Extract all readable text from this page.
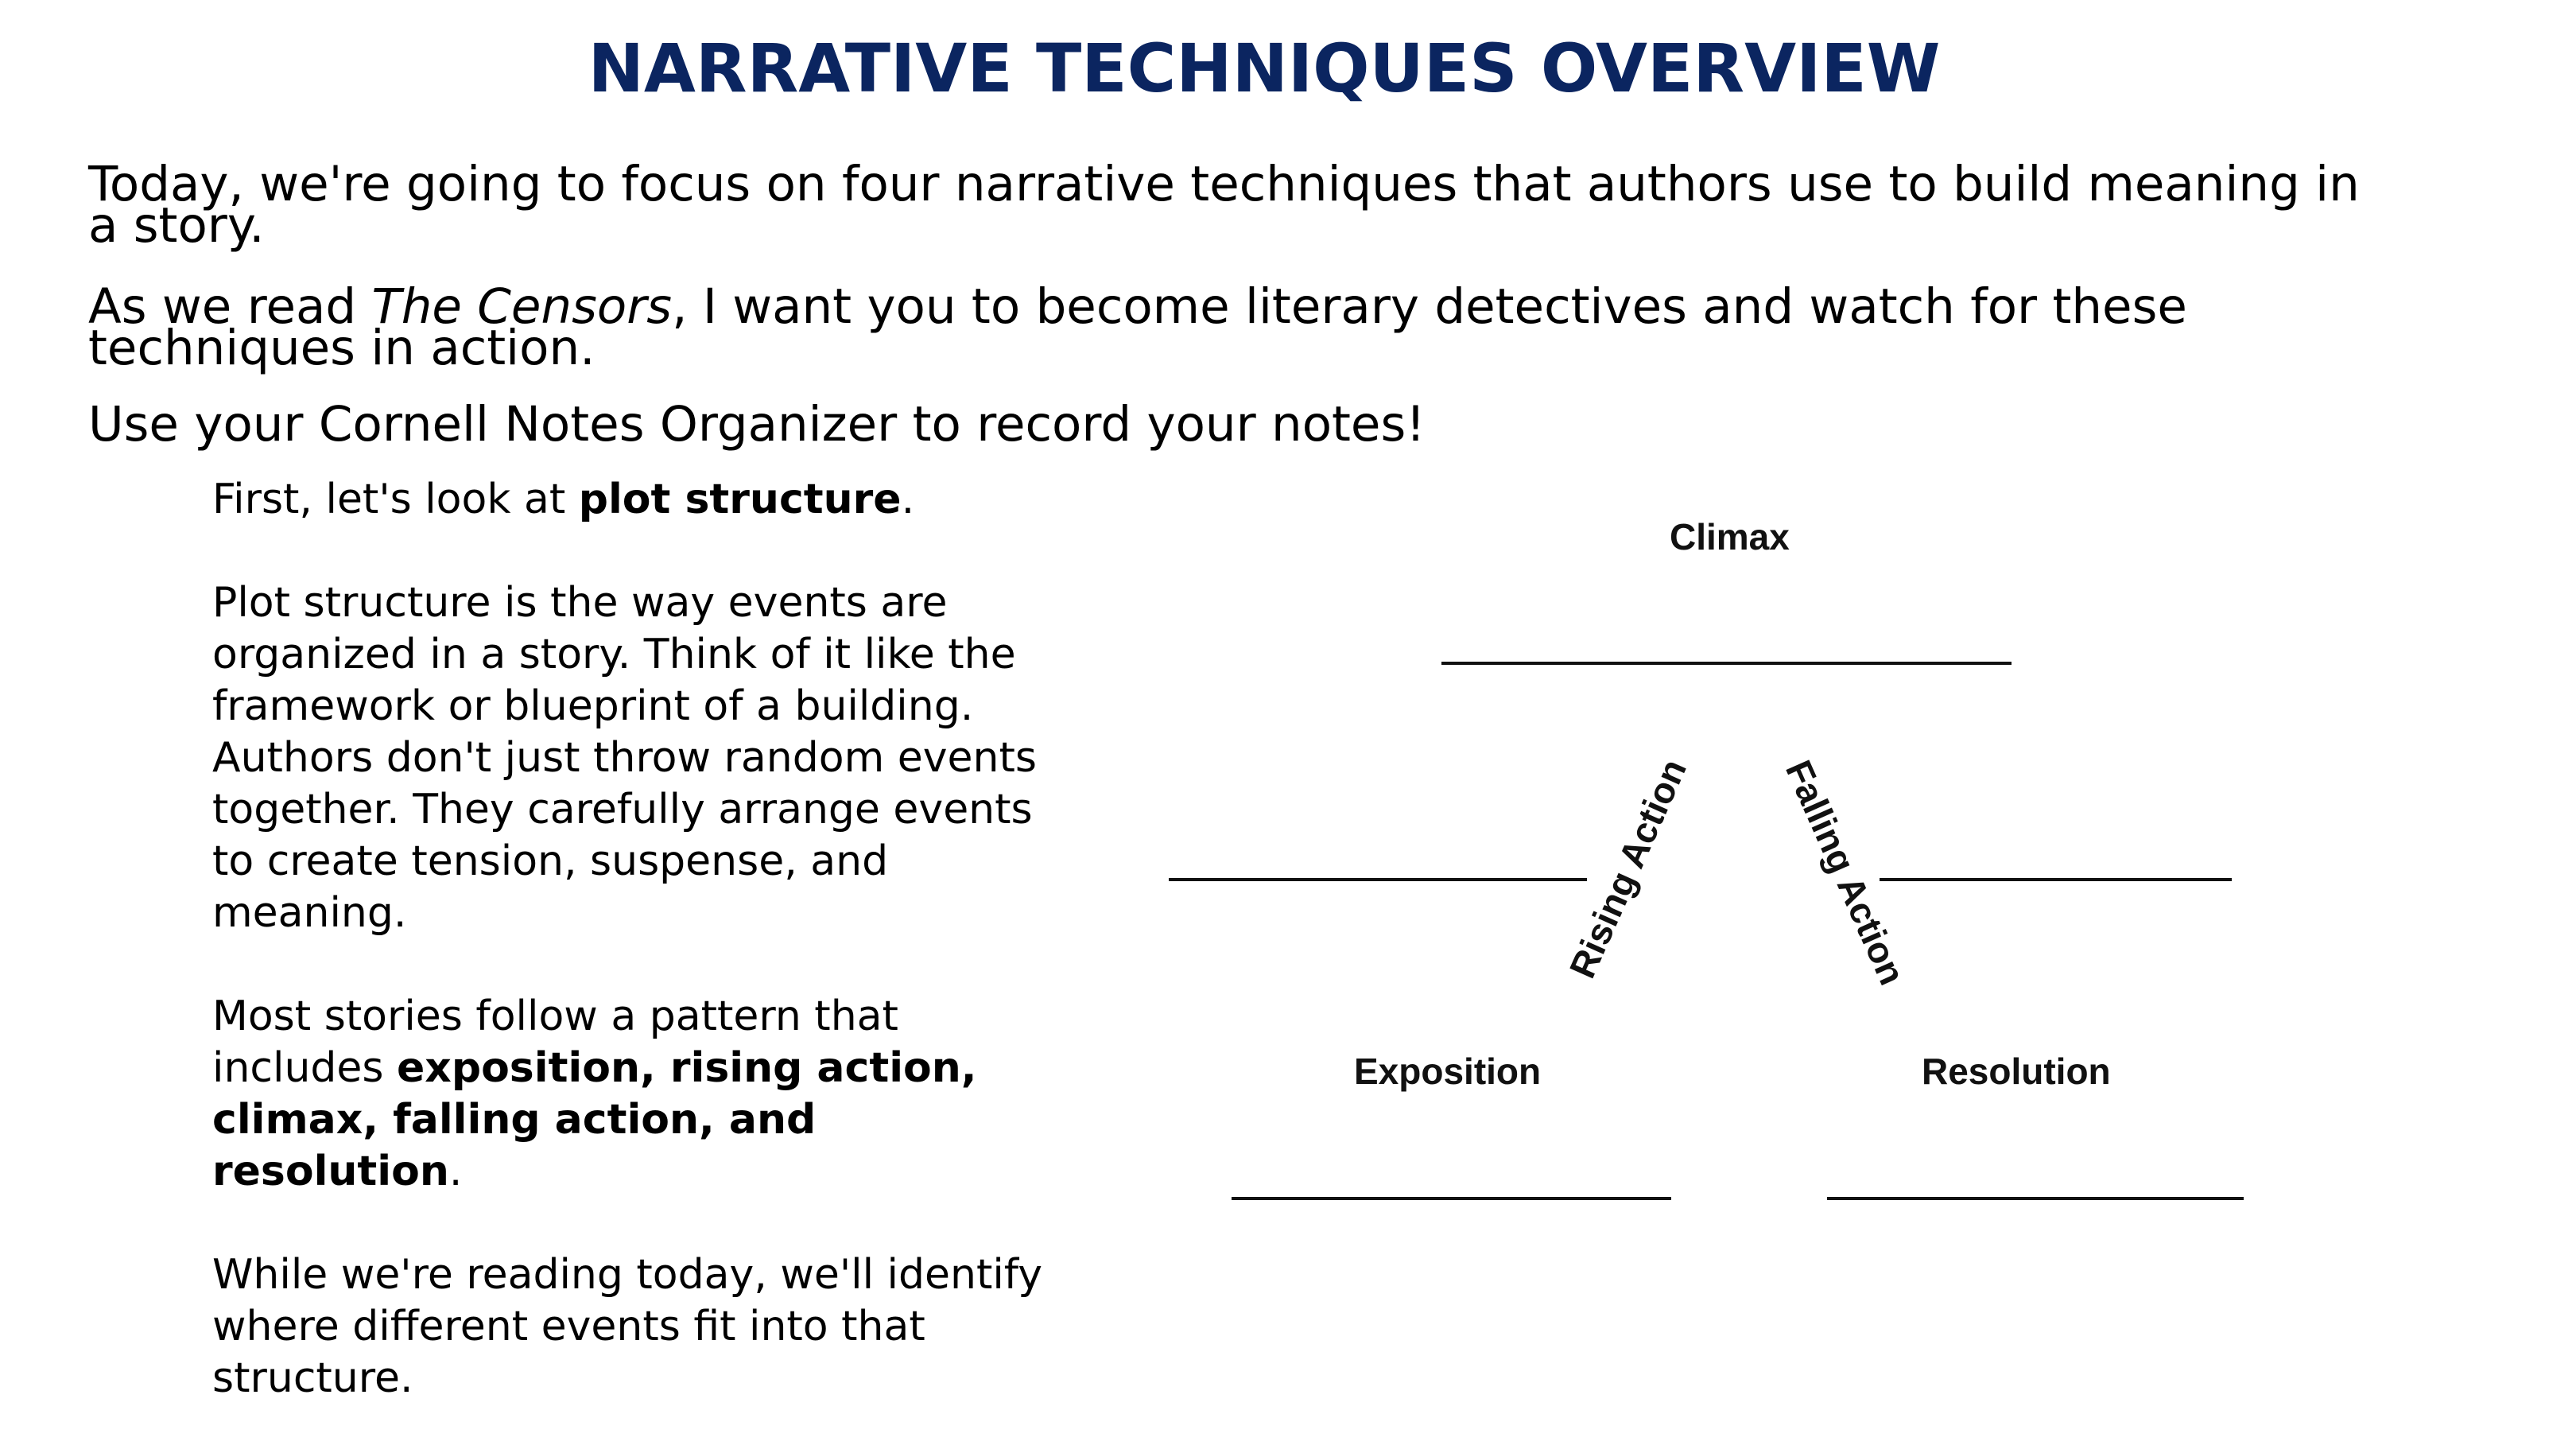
NARRATIVE TECHNIQUES OVERVIEW

Today, we're going to focus on four narrative techniques that authors use to build meaning in a story.

As we read The Censors, I want you to become literary detectives and watch for these techniques in action.

Use your Cornell Notes Organizer to record your notes!

First, let's look at plot structure.

Plot structure is the way events are organized in a story. Think of it like the framework or blueprint of a building. Authors don't just throw random events together. They carefully arrange events to create tension, suspense, and meaning.

Most stories follow a pattern that includes exposition, rising action, climax, falling action, and resolution.

While we're reading today, we'll identify where different events fit into that structure.

Climax
Rising Action Falling Action
Exposition	Resolution
